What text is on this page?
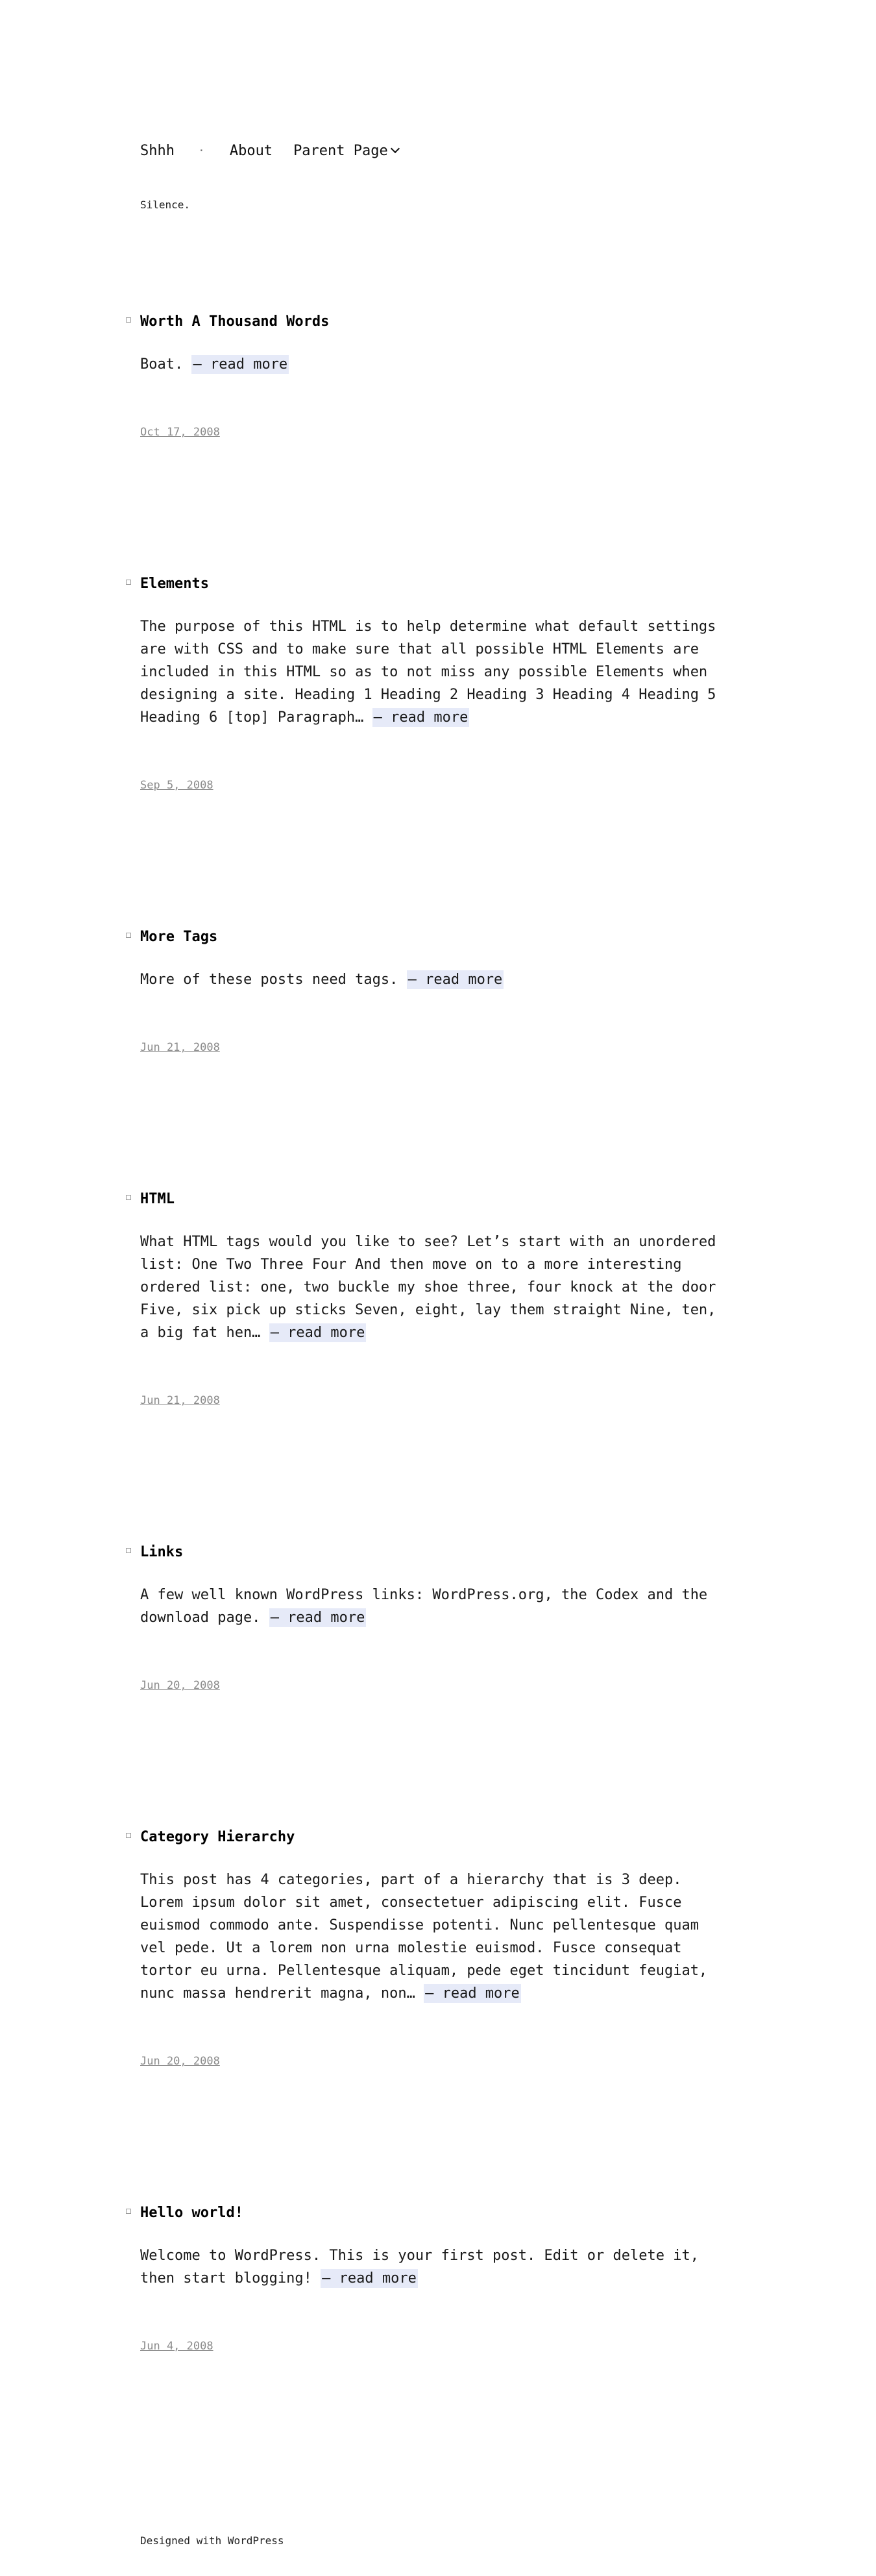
Shhh · About Parent Page
Silence.
Worth A Thousand Words
Boat. — read more
Oct 17, 2008
Elements
The purpose of this HTML is to help determine what default settings are with CSS and to make sure that all possible HTML Elements are included in this HTML so as to not miss any possible Elements when designing a site. Heading 1 Heading 2 Heading 3 Heading 4 Heading 5 Heading 6 [top] Paragraph… — read more
Sep 5, 2008
More Tags
More of these posts need tags. — read more
Jun 21, 2008
HTML
What HTML tags would you like to see? Let’s start with an unordered list: One Two Three Four And then move on to a more interesting ordered list: one, two buckle my shoe three, four knock at the door Five, six pick up sticks Seven, eight, lay them straight Nine, ten, a big fat hen… — read more
Jun 21, 2008
Links
A few well known WordPress links: WordPress.org, the Codex and the download page. — read more
Jun 20, 2008
Category Hierarchy
This post has 4 categories, part of a hierarchy that is 3 deep. Lorem ipsum dolor sit amet, consectetuer adipiscing elit. Fusce euismod commodo ante. Suspendisse potenti. Nunc pellentesque quam vel pede. Ut a lorem non urna molestie euismod. Fusce consequat tortor eu urna. Pellentesque aliquam, pede eget tincidunt feugiat, nunc massa hendrerit magna, non… — read more
Jun 20, 2008
Hello world!
Welcome to WordPress. This is your first post. Edit or delete it, then start blogging! — read more
Jun 4, 2008
Designed with WordPress
